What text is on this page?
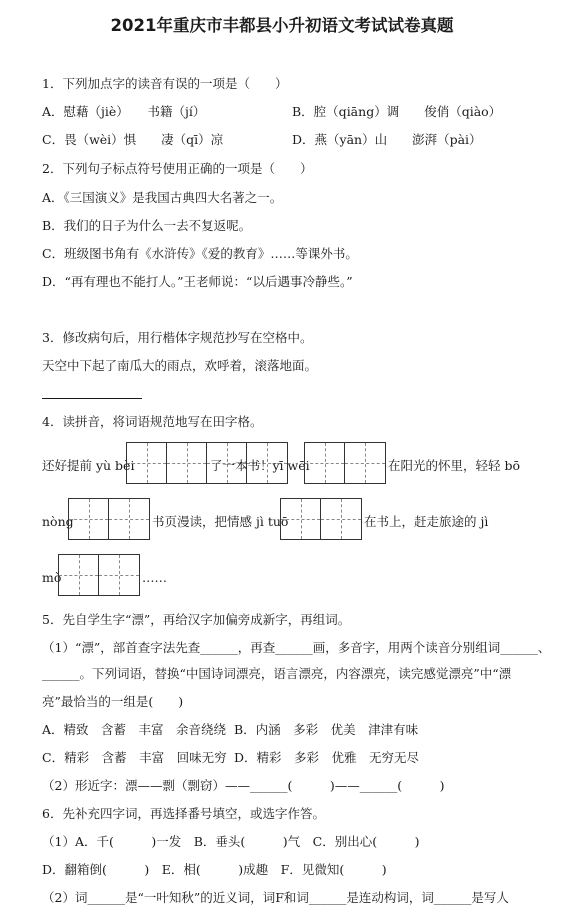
2021年重庆市丰都县小升初语文考试试卷真题
1．下列加点字的读音有误的一项是（　　）
A．慰藉（jiè）　　书籍（jí）	B．腔（qiāng）调　　俊俏（qiào）
C．畏（wèi）惧　　凄（qī）凉	D．燕（yān）山　　澎湃（pài）
2．下列句子标点符号使用正确的一项是（　　）
A．《三国演义》是我国古典四大名著之一。
B．我们的日子为什么一去不复返呢。
C．班级图书角有《水浒传》《爱的教育》……等课外书。
D．“再有理也不能打人。”王老师说：“以后遇事冷静些。”
3．修改病句后，用行楷体字规范抄写在空格中。
天空中下起了南瓜大的雨点，欢呼着，滚落地面。
4．读拼音，将词语规范地写在田字格。
还好提前 yù bèi	了一本书！yī wēi	在阳光的怀里，轻轻 bō
nòng	书页漫读，把情感 jì tuō	在书上，赶走旅途的 jì
mò	……
5．先自学生字“漂”，再给汉字加偏旁成新字，再组词。
（1）“漂”，部首查字法先查______，再查______画，多音字，用两个读音分别组词______、
______。下列词语，替换“中国诗词漂亮，语言漂亮，内容漂亮，读完感觉漂亮”中“漂
亮”最恰当的一组是(　　)
A．精致　含蓄　丰富　余音绕绕 B．内涵　多彩　优美　津津有味
C．精彩　含蓄　丰富　回味无穷 D．精彩　多彩　优雅　无穷无尽
（2）形近字：漂——剽（剽窃）——______(　　　)——______(　　　)
6．先补充四字词，再选择番号填空，或选字作答。
（1）A．千(　　　)一发　B．垂头(　　　)气　C．别出心(　　　)
D．翻箱倒(　　　)　E．相(　　　)成趣　F．见微知(　　　)
（2）词______是“一叶知秋”的近义词，词F和词______是连动构词，词______是写人
